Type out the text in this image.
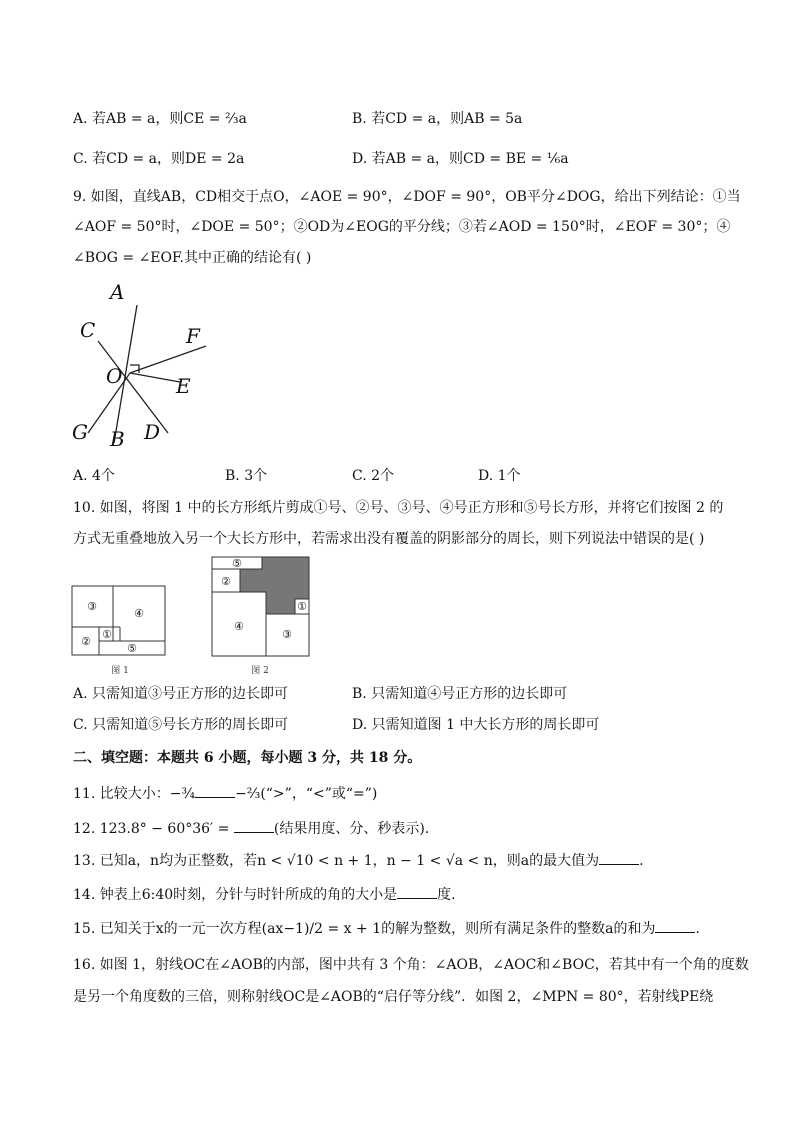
A. 若AB = a，则CE = ⅔a	B. 若CD = a，则AB = 5a
C. 若CD = a，则DE = 2a	D. 若AB = a，则CD = BE = ⅙a
9. 如图，直线AB，CD相交于点O，∠AOE = 90°，∠DOF = 90°，OB平分∠DOG，给出下列结论：①当
∠AOF = 50°时，∠DOE = 50°；②OD为∠EOG的平分线；③若∠AOD = 150°时，∠EOF = 30°；④
∠BOG = ∠EOF.其中正确的结论有( )
A
C	F
O	E
G B D
A. 4个	B. 3个	C. 2个	D. 1个
10. 如图，将图 1 中的长方形纸片剪成①号、②号、③号、④号正方形和⑤号长方形，并将它们按图 2 的
方式无重叠地放入另一个大长方形中，若需求出没有覆盖的阴影部分的周长，则下列说法中错误的是( )
③
④
②
①
⑤
⑤
②
①
④
③
图 1	图 2
A. 只需知道③号正方形的边长即可	B. 只需知道④号正方形的边长即可
C. 只需知道⑤号长方形的周长即可	D. 只需知道图 1 中大长方形的周长即可
二、填空题：本题共 6 小题，每小题 3 分，共 18 分。
11. 比较大小：−¾	−⅔(“>”，“<”或“=”)
12. 123.8° − 60°36′ =	(结果用度、分、秒表示).
13. 已知a，n均为正整数，若n < √10 < n + 1，n − 1 < √a < n，则a的最大值为	.
14. 钟表上6:40时刻，分针与时针所成的角的大小是	度.
15. 已知关于x的一元一次方程(ax−1)/2 = x + 1的解为整数，则所有满足条件的整数a的和为	.
16. 如图 1，射线OC在∠AOB的内部，图中共有 3 个角：∠AOB，∠AOC和∠BOC，若其中有一个角的度数
是另一个角度数的三倍，则称射线OC是∠AOB的“启仔等分线”．如图 2，∠MPN = 80°，若射线PE绕
